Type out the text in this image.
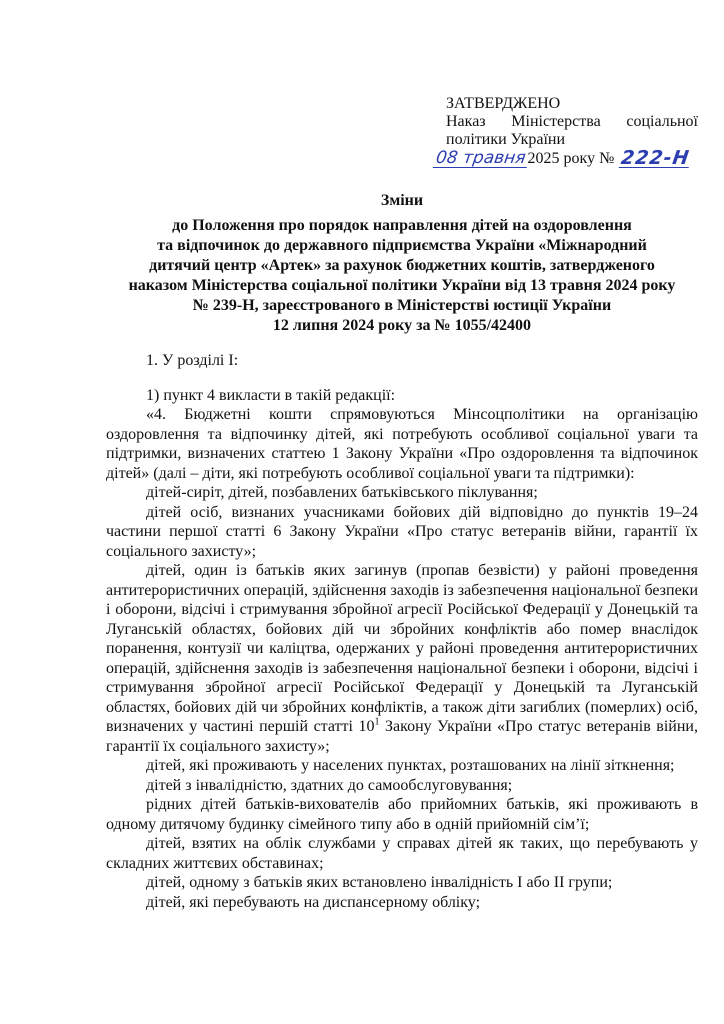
ЗАТВЕРДЖЕНО
Наказ Міністерства соціальної
політики України
08 травня 2025 року № 222-Н
Зміни
до Положення про порядок направлення дітей на оздоровлення
та відпочинок до державного підприємства України «Міжнародний
дитячий центр «Артек» за рахунок бюджетних коштів, затвердженого
наказом Міністерства соціальної політики України від 13 травня 2024 року
№ 239-Н, зареєстрованого в Міністерстві юстиції України
12 липня 2024 року за № 1055/42400
1. У розділі I:
1) пункт 4 викласти в такій редакції:
«4. Бюджетні кошти спрямовуються Мінсоцполітики на організацію оздоровлення та відпочинку дітей, які потребують особливої соціальної уваги та підтримки, визначених статтею 1 Закону України «Про оздоровлення та відпочинок дітей» (далі – діти, які потребують особливої соціальної уваги та підтримки):
дітей-сиріт, дітей, позбавлених батьківського піклування;
дітей осіб, визнаних учасниками бойових дій відповідно до пунктів 19–24 частини першої статті 6 Закону України «Про статус ветеранів війни, гарантії їх соціального захисту»;
дітей, один із батьків яких загинув (пропав безвісти) у районі проведення антитерористичних операцій, здійснення заходів із забезпечення національної безпеки і оборони, відсічі і стримування збройної агресії Російської Федерації у Донецькій та Луганській областях, бойових дій чи збройних конфліктів або помер внаслідок поранення, контузії чи каліцтва, одержаних у районі проведення антитерористичних операцій, здійснення заходів із забезпечення національної безпеки і оборони, відсічі і стримування збройної агресії Російської Федерації у Донецькій та Луганській областях, бойових дій чи збройних конфліктів, а також діти загиблих (померлих) осіб, визначених у частині першій статті $10^1$ Закону України «Про статус ветеранів війни, гарантії їх соціального захисту»;
дітей, які проживають у населених пунктах, розташованих на лінії зіткнення;
дітей з інвалідністю, здатних до самообслуговування;
рідних дітей батьків-вихователів або прийомних батьків, які проживають в одному дитячому будинку сімейного типу або в одній прийомній сім’ї;
дітей, взятих на облік службами у справах дітей як таких, що перебувають у складних життєвих обставинах;
дітей, одному з батьків яких встановлено інвалідність I або II групи;
дітей, які перебувають на диспансерному обліку;
